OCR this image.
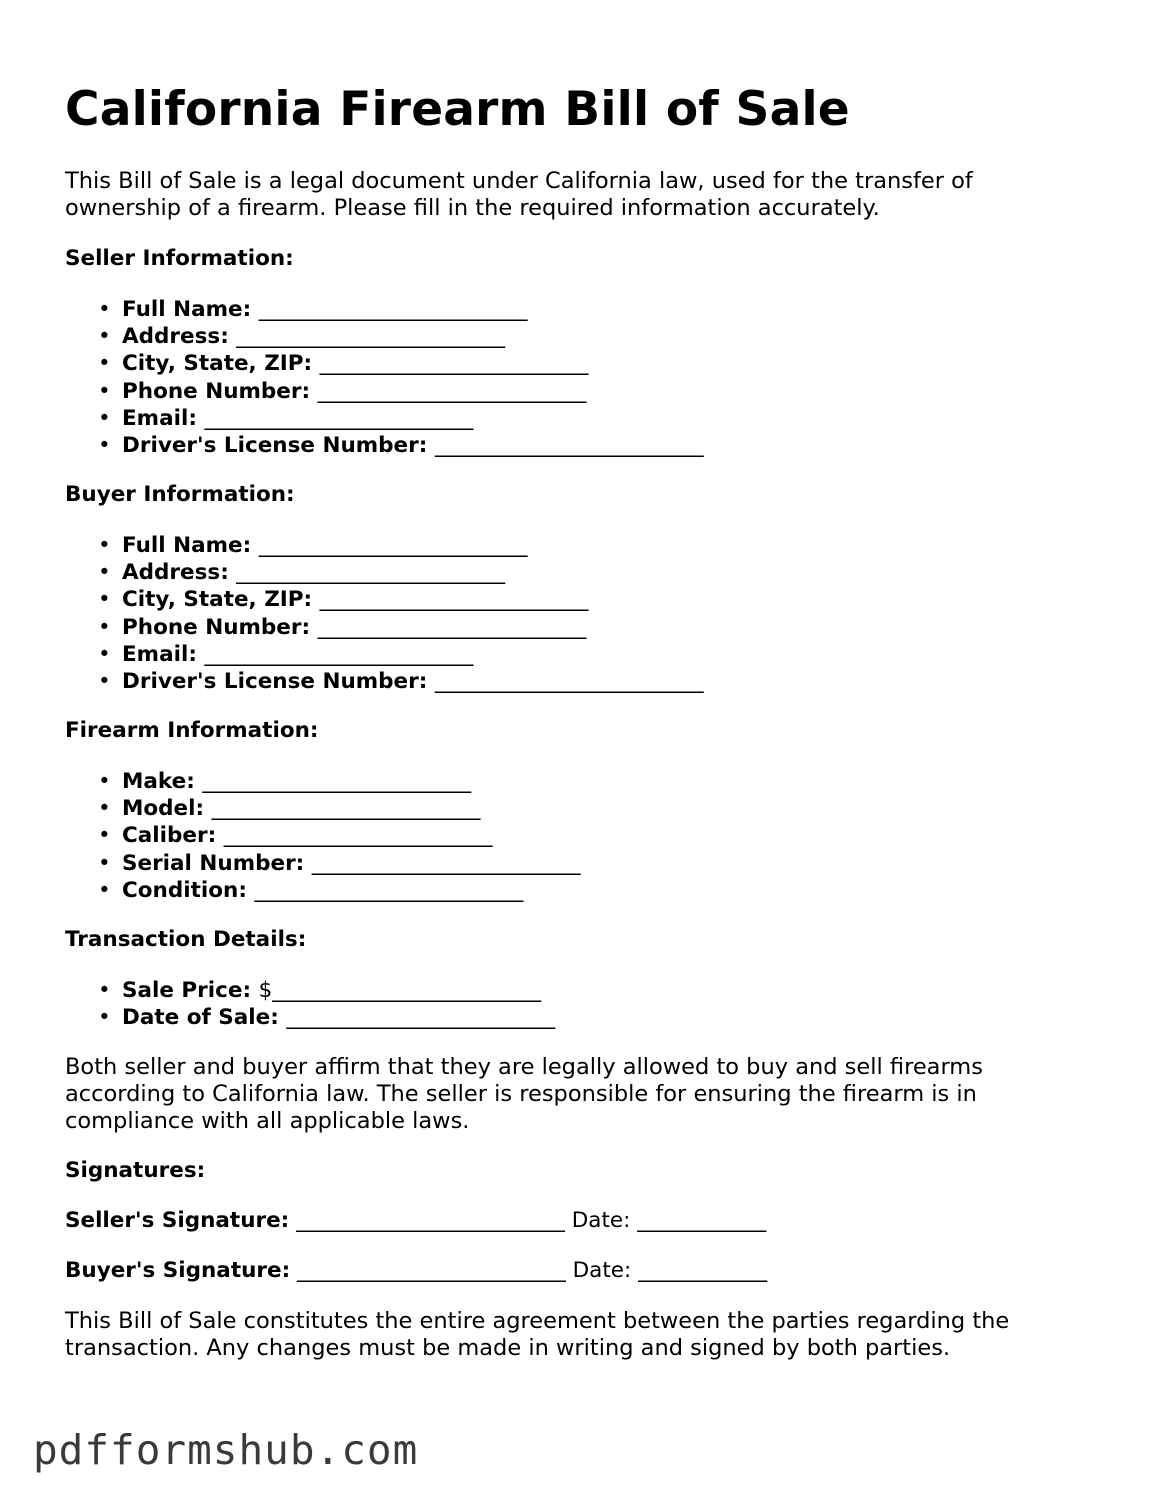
California Firearm Bill of Sale

This Bill of Sale is a legal document under California law, used for the transfer of ownership of a firearm. Please fill in the required information accurately.

Seller Information:

• Full Name: _________________________
• Address: _________________________
• City, State, ZIP: _________________________
• Phone Number: _________________________
• Email: _________________________
• Driver's License Number: _________________________

Buyer Information:

• Full Name: _________________________
• Address: _________________________
• City, State, ZIP: _________________________
• Phone Number: _________________________
• Email: _________________________
• Driver's License Number: _________________________

Firearm Information:

• Make: _________________________
• Model: _________________________
• Caliber: _________________________
• Serial Number: _________________________
• Condition: _________________________

Transaction Details:

• Sale Price: $_________________________
• Date of Sale: _________________________

Both seller and buyer affirm that they are legally allowed to buy and sell firearms according to California law. The seller is responsible for ensuring the firearm is in compliance with all applicable laws.

Signatures:

Seller's Signature: _________________________ Date: ____________

Buyer's Signature: _________________________ Date: ____________

This Bill of Sale constitutes the entire agreement between the parties regarding the transaction. Any changes must be made in writing and signed by both parties.

pdfformshub.com
